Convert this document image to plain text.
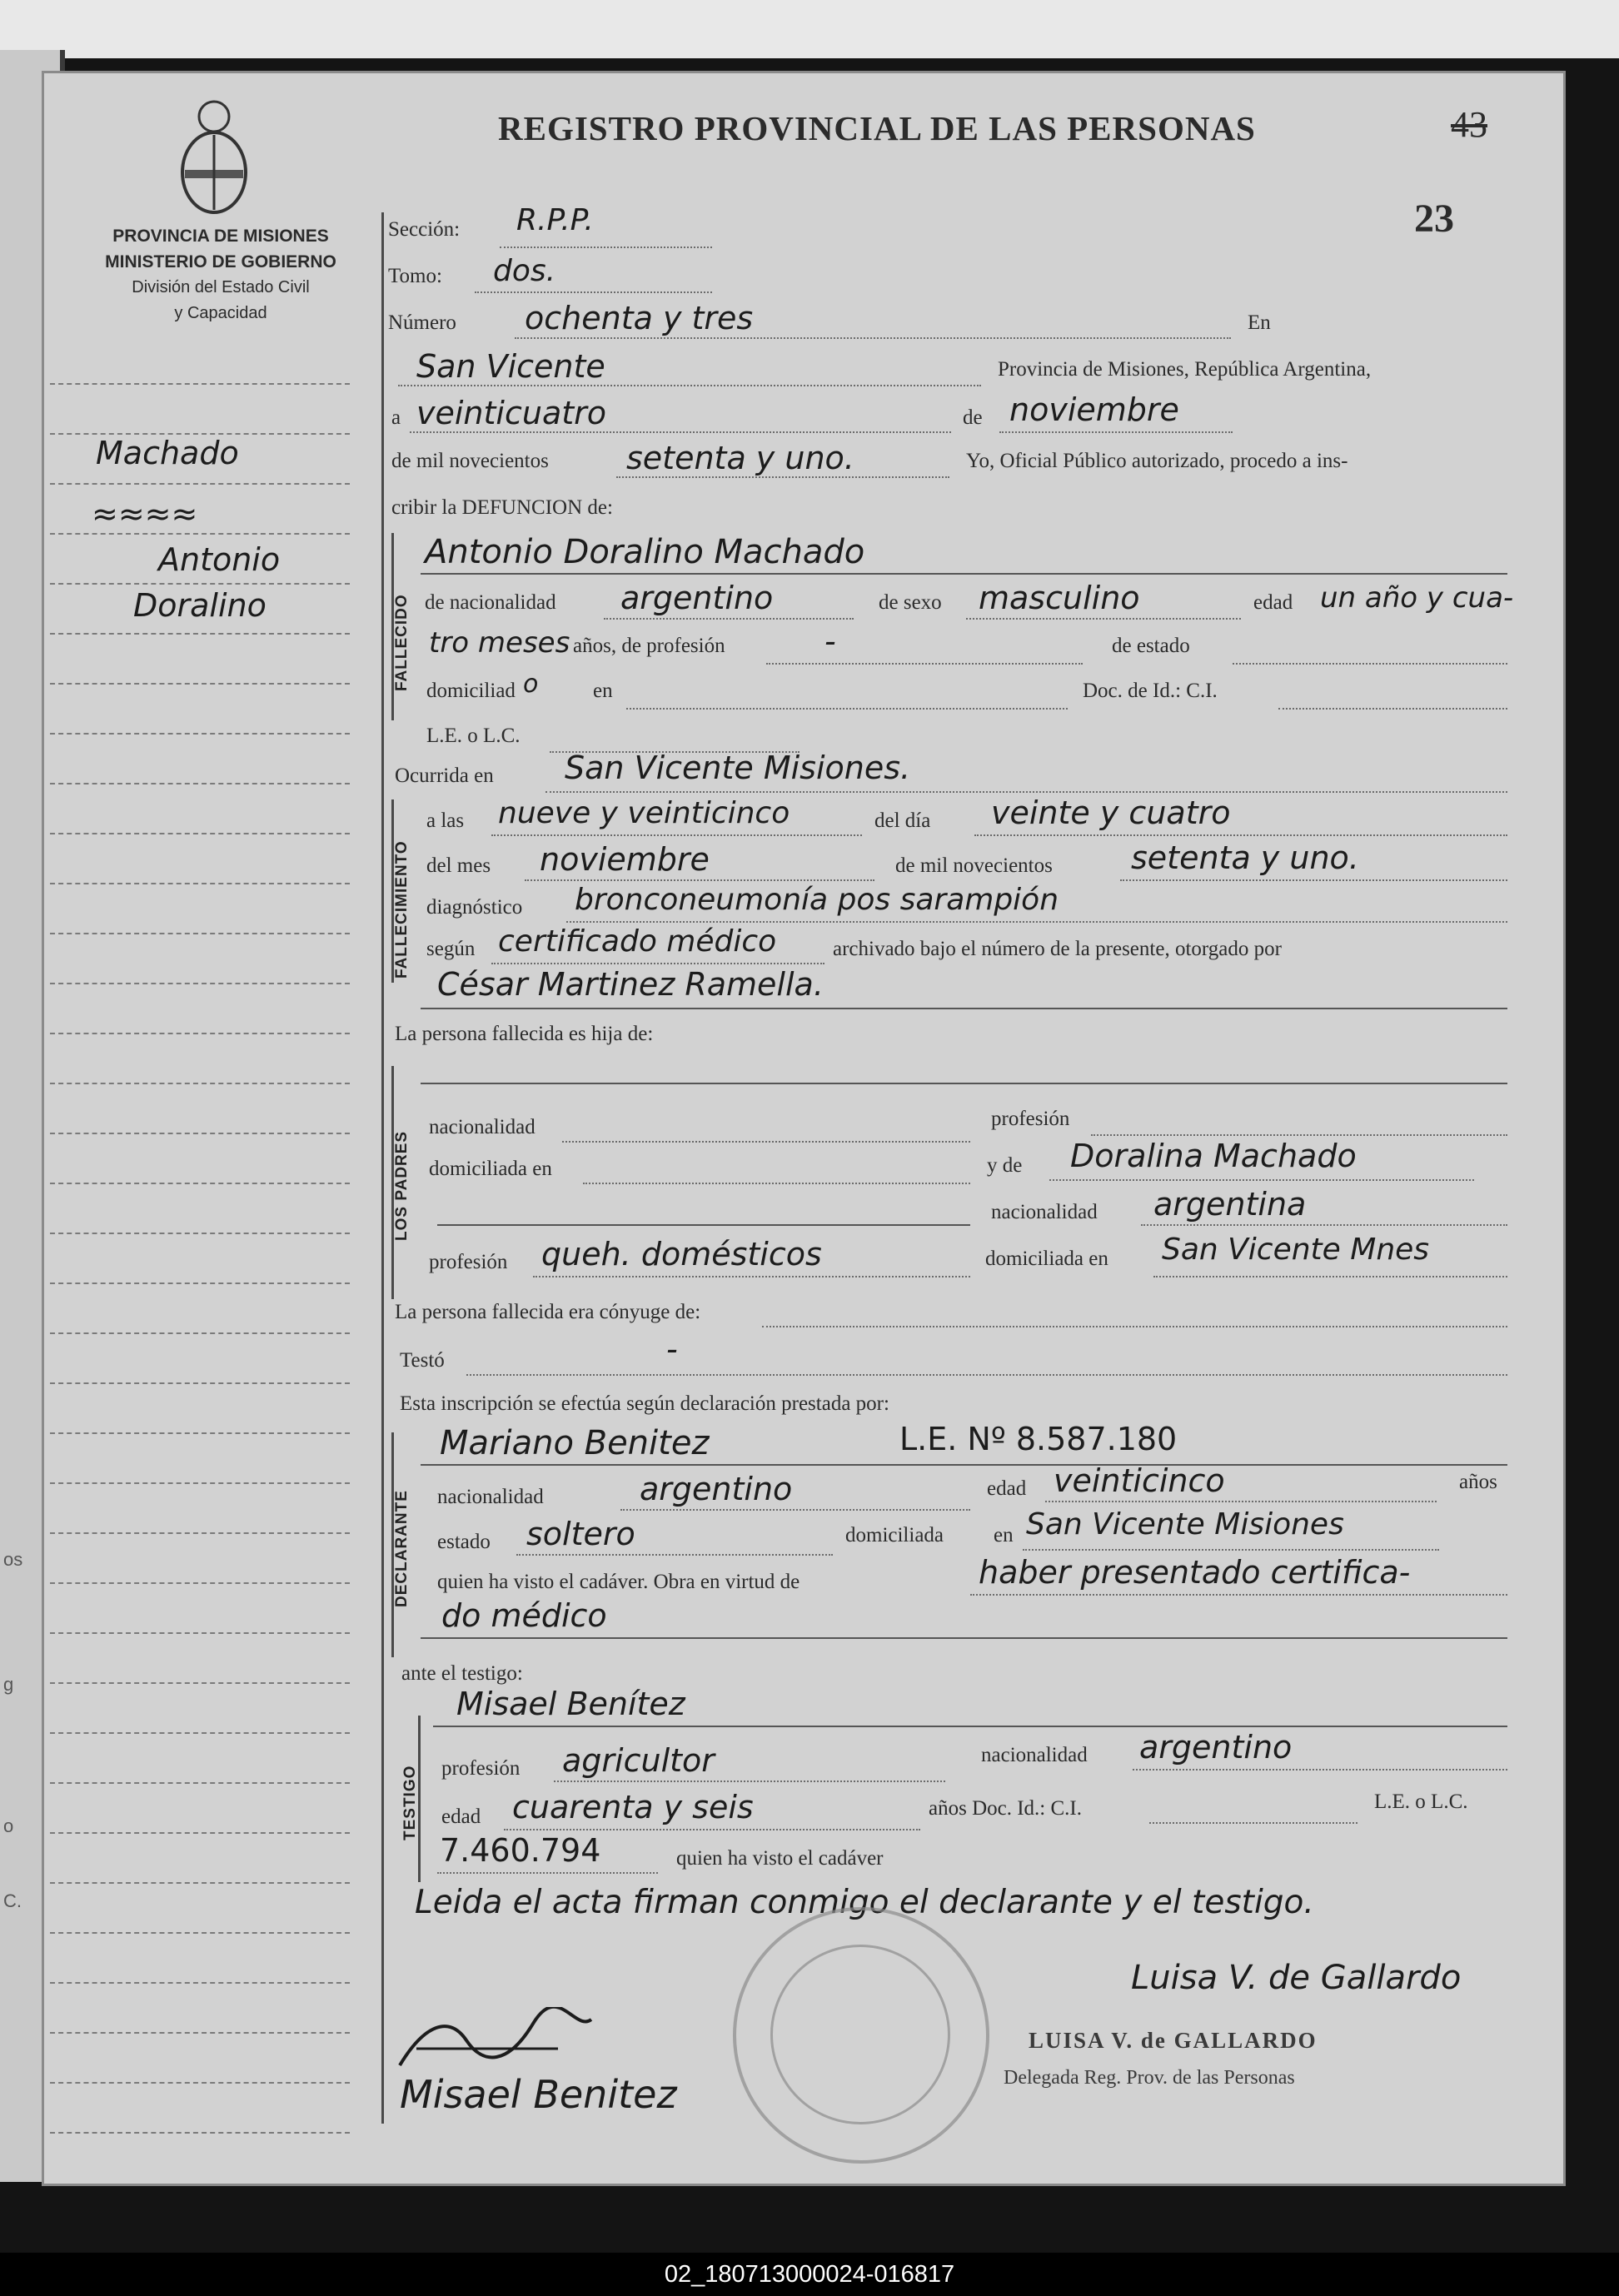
os
g
o
C.
PROVINCIA DE MISIONES
MINISTERIO DE GOBIERNO
División del Estado Civil
y Capacidad
Machado
≈≈≈≈
Antonio
Doralino
REGISTRO PROVINCIAL DE LAS PERSONAS	43
23
Sección: R.P.P.
Tomo: dos.
Número ochenta y tres	En
San Vicente	Provincia de Misiones, República Argentina,
a veinticuatro	de noviembre
de mil novecientos setenta y uno.	Yo, Oficial Público autorizado, procedo a ins-
cribir la DEFUNCION de:
FALLECIDO
Antonio Doralino Machado
de nacionalidad argentino	de sexo masculino	edad un año y cua-
tro meses años, de profesión	-	de estado
domiciliad o	en	Doc. de Id.: C.I.
L.E. o L.C.
Ocurrida en San Vicente Misiones.
FALLECIMIENTO
a las nueve y veinticinco	del día veinte y cuatro
del mes noviembre	de mil novecientos setenta y uno.
diagnóstico bronconeumonía pos sarampión
según certificado médico	archivado bajo el número de la presente, otorgado por
César Martinez Ramella.
La persona fallecida es hija de:
LOS PADRES
nacionalidad	profesión
domiciliada en	y de Doralina Machado
nacionalidad argentina
profesión queh. domésticos	domiciliada en San Vicente Mnes
La persona fallecida era cónyuge de:
Testó	-
Esta inscripción se efectúa según declaración prestada por:
DECLARANTE
Mariano Benitez	L.E. Nº 8.587.180
nacionalidad	argentino	edad veinticinco	años
estado soltero	domiciliada en San Vicente Misiones
quien ha visto el cadáver. Obra en virtud de	haber presentado certifica-
do médico
ante el testigo:
TESTIGO
Misael Benítez
profesión agricultor	nacionalidad argentino
edad cuarenta y seis	años Doc. Id.: C.I.	L.E. o L.C.
7.460.794	quien ha visto el cadáver
Leida el acta firman conmigo el declarante y el testigo.
Luisa V. de Gallardo
LUISA V. de GALLARDO
Delegada Reg. Prov. de las Personas
Misael Benitez
02_180713000024-016817
